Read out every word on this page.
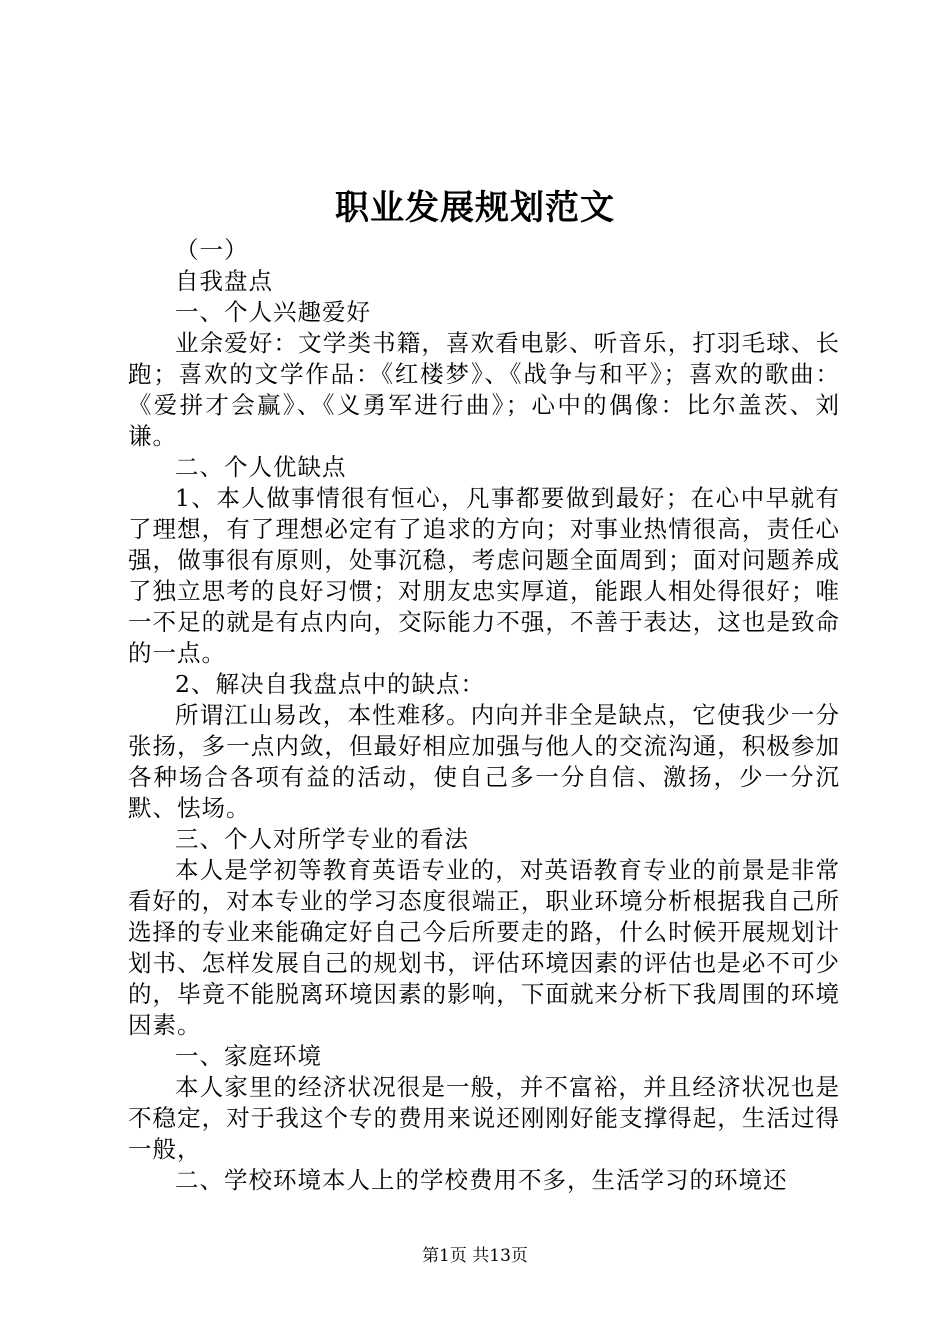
职业发展规划范文

（一）

自我盘点

一、个人兴趣爱好

业余爱好：文学类书籍，喜欢看电影、听音乐，打羽毛球、长跑；喜欢的文学作品：《红楼梦》、《战争与和平》；喜欢的歌曲：《爱拼才会赢》、《义勇军进行曲》；心中的偶像：比尔盖茨、刘谦。

二、个人优缺点

1、本人做事情很有恒心，凡事都要做到最好；在心中早就有了理想，有了理想必定有了追求的方向；对事业热情很高，责任心强，做事很有原则，处事沉稳，考虑问题全面周到；面对问题养成了独立思考的良好习惯；对朋友忠实厚道，能跟人相处得很好；唯一不足的就是有点内向，交际能力不强，不善于表达，这也是致命的一点。

2、解决自我盘点中的缺点：

所谓江山易改，本性难移。内向并非全是缺点，它使我少一分张扬，多一点内敛，但最好相应加强与他人的交流沟通，积极参加各种场合各项有益的活动，使自己多一分自信、激扬，少一分沉默、怯场。

三、个人对所学专业的看法

本人是学初等教育英语专业的，对英语教育专业的前景是非常看好的，对本专业的学习态度很端正，职业环境分析根据我自己所选择的专业来能确定好自己今后所要走的路，什么时候开展规划计划书、怎样发展自己的规划书，评估环境因素的评估也是必不可少的，毕竟不能脱离环境因素的影响，下面就来分析下我周围的环境因素。

一、家庭环境

本人家里的经济状况很是一般，并不富裕，并且经济状况也是不稳定，对于我这个专的费用来说还刚刚好能支撑得起，生活过得一般，

二、学校环境本人上的学校费用不多，生活学习的环境还

第1页 共13页
